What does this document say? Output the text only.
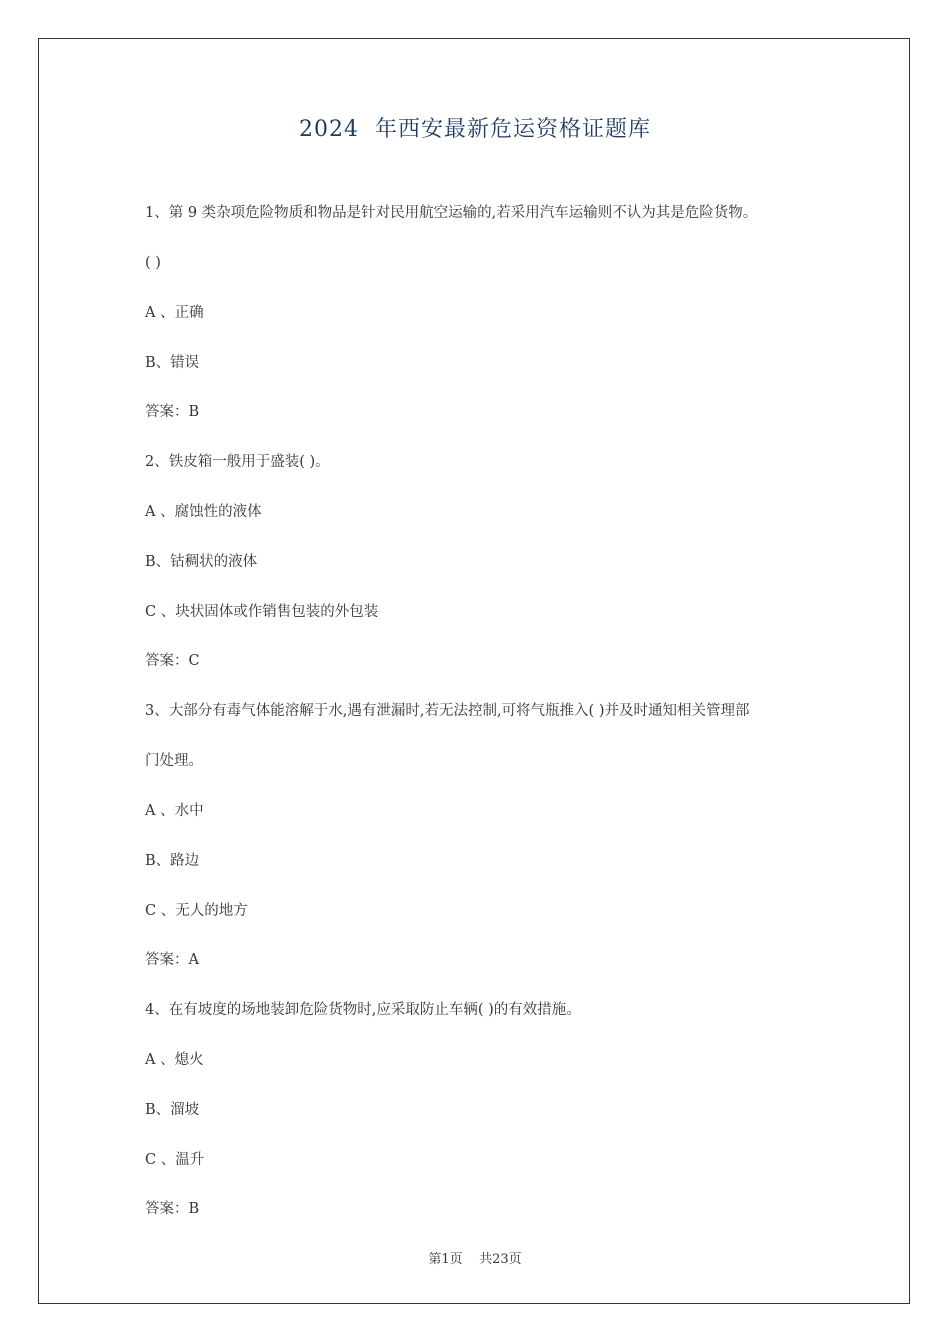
2024  年西安最新危运资格证题库
1、第 9 类杂项危险物质和物品是针对民用航空运输的,若采用汽车运输则不认为其是危险货物。
( )
A 、正确
B、错误
答案：B
2、铁皮箱一般用于盛装( )。
A 、腐蚀性的液体
B、钴稠状的液体
C 、块状固体或作销售包装的外包装
答案：C
3、大部分有毒气体能溶解于水,遇有泄漏时,若无法控制,可将气瓶推入( )并及时通知相关管理部
门处理。
A 、水中
B、路边
C 、无人的地方
答案：A
4、在有坡度的场地装卸危险货物时,应采取防止车辆( )的有效措施。
A 、熄火
B、溜坡
C 、温升
答案：B
第1页    共23页
